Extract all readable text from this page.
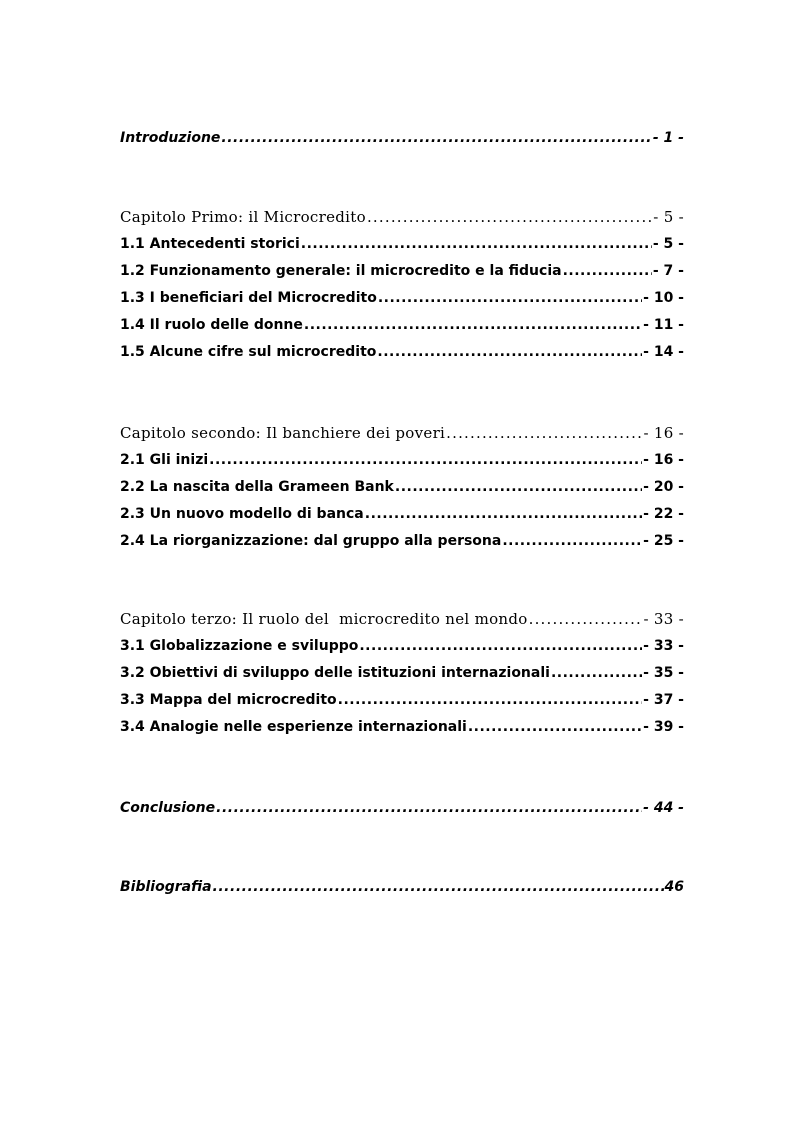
Introduzione .....	- 1 -
Capitolo Primo: il Microcredito .....	- 5 -
1.1 Antecedenti storici .....	- 5 -
1.2 Funzionamento generale: il microcredito e la fiducia .....	- 7 -
1.3 I beneficiari del Microcredito .....	- 10 -
1.4 Il ruolo delle donne .....	- 11 -
1.5 Alcune cifre sul microcredito .....	- 14 -
Capitolo secondo: Il banchiere dei poveri .....	- 16 -
2.1 Gli inizi .....	- 16 -
2.2 La nascita della Grameen Bank .....	- 20 -
2.3 Un nuovo modello di banca .....	- 22 -
2.4 La riorganizzazione: dal gruppo alla persona .....	- 25 -
Capitolo terzo: Il ruolo del  microcredito nel mondo .....	- 33 -
3.1 Globalizzazione e sviluppo .....	- 33 -
3.2 Obiettivi di sviluppo delle istituzioni internazionali .....	- 35 -
3.3 Mappa del microcredito .....	- 37 -
3.4 Analogie nelle esperienze internazionali .....	- 39 -
Conclusione .....	- 44 -
Bibliografia .....	46
